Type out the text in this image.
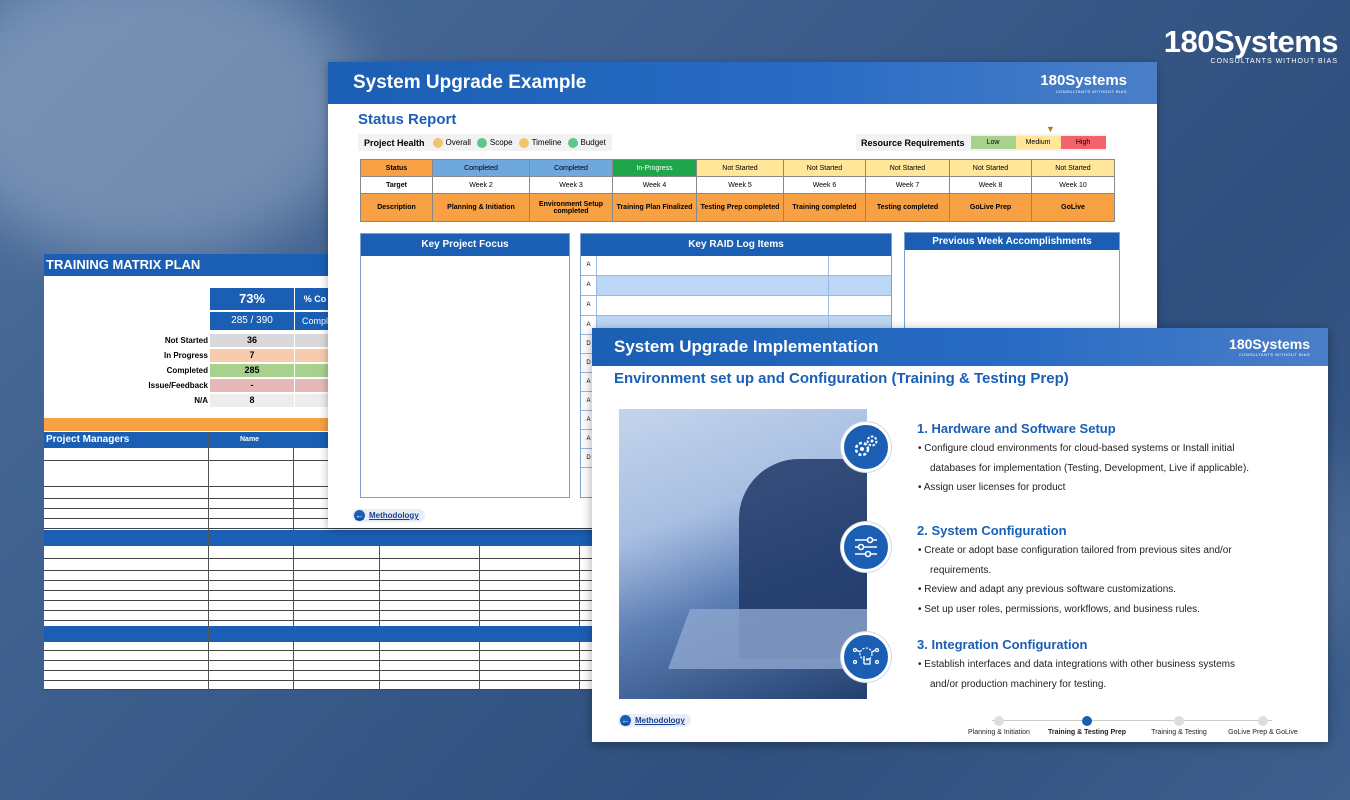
180Systems
CONSULTANTS WITHOUT BIAS
TRAINING MATRIX PLAN
73%	% Co
285 / 390	Compl
Not Started	36
In Progress	7
Completed	285
Issue/Feedback	-
N/A	8
Project Managers	Name
System Upgrade Example	180Systems
CONSULTANTS WITHOUT BIAS
Status Report
Project Health	Overall Scope Timeline Budget	Resource Requirements	Low	Medium	High
▼
Status	Completed	Completed	In-Progress	Not Started	Not Started	Not Started	Not Started	Not Started
Target	Week 2	Week 3	Week 4	Week 5	Week 6	Week 7	Week 8	Week 10
Description	Planning & Initiation	Environment Setup completed	Training Plan Finalized	Testing Prep completed	Training completed	Testing completed	GoLive Prep	GoLive
Key Project Focus	Key RAID Log Items
A
A
A
A
D
D
A
A
A
A
D
Previous Week Accomplishments
← Methodology
System Upgrade Implementation	180Systems
CONSULTANTS WITHOUT BIAS
Environment set up and Configuration (Training & Testing Prep)
1. Hardware and Software Setup
• Configure cloud environments for cloud-based systems or Install initial
databases for implementation (Testing, Development, Live if applicable).
• Assign user licenses for product
2. System Configuration
• Create or adopt base configuration tailored from previous sites and/or
requirements.
• Review and adapt any previous software customizations.
• Set up user roles, permissions, workflows, and business rules.
3. Integration Configuration
• Establish interfaces and data integrations with other business systems
and/or production machinery for testing.
← Methodology
Planning & Initiation	Training & Testing Prep	Training & Testing	GoLive Prep & GoLive
